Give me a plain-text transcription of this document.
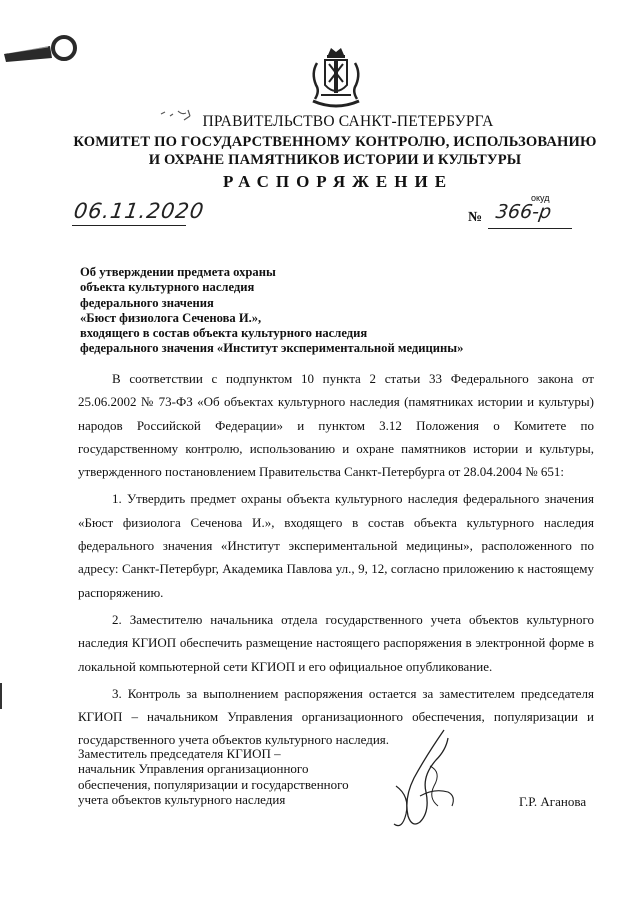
ПРАВИТЕЛЬСТВО САНКТ-ПЕТЕРБУРГА
КОМИТЕТ ПО ГОСУДАРСТВЕННОМУ КОНТРОЛЮ, ИСПОЛЬЗОВАНИЮ
И ОХРАНЕ ПАМЯТНИКОВ ИСТОРИИ И КУЛЬТУРЫ
РАСПОРЯЖЕНИЕ
06.11.2020	№
окуд
366-р
Об утверждении предмета охраны
объекта культурного наследия
федерального значения
«Бюст физиолога Сеченова И.»,
входящего в состав объекта культурного наследия
федерального значения «Институт экспериментальной медицины»

В соответствии с подпунктом 10 пункта 2 статьи 33 Федерального закона от 25.06.2002 № 73-ФЗ «Об объектах культурного наследия (памятниках истории и культуры) народов Российской Федерации» и пунктом 3.12 Положения о Комитете по государственному контролю, использованию и охране памятников истории и культуры, утвержденного постановлением Правительства Санкт-Петербурга от 28.04.2004 № 651:

1. Утвердить предмет охраны объекта культурного наследия федерального значения «Бюст физиолога Сеченова И.», входящего в состав объекта культурного наследия федерального значения «Институт экспериментальной медицины», расположенного по адресу: Санкт-Петербург, Академика Павлова ул., 9, 12, согласно приложению к настоящему распоряжению.

2. Заместителю начальника отдела государственного учета объектов культурного наследия КГИОП обеспечить размещение настоящего распоряжения в электронной форме в локальной компьютерной сети КГИОП и его официальное опубликование.

3. Контроль за выполнением распоряжения остается за заместителем председателя КГИОП – начальником Управления организационного обеспечения, популяризации и государственного учета объектов культурного наследия.

Заместитель председателя КГИОП –
начальник Управления организационного
обеспечения, популяризации и государственного
учета объектов культурного наследия	Г.Р. Аганова
